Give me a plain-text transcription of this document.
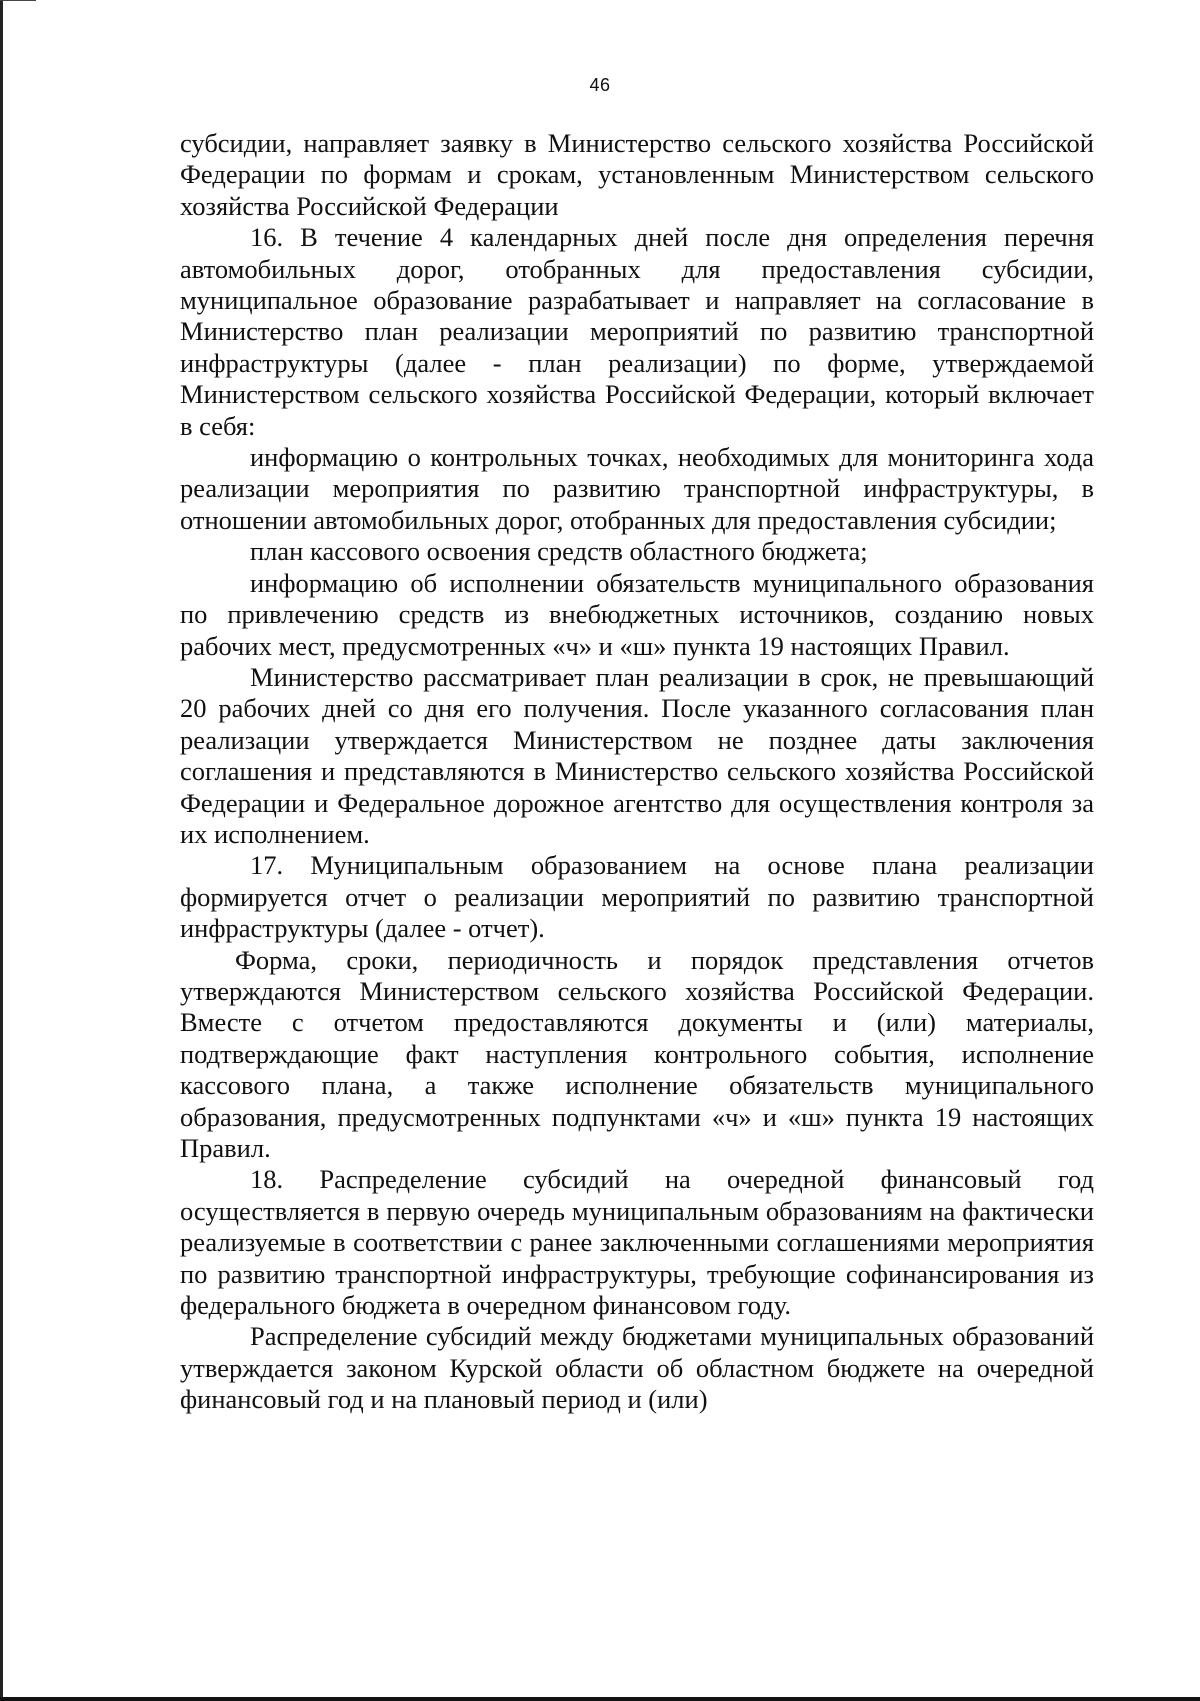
46

субсидии, направляет заявку в Министерство сельского хозяйства Российской Федерации по формам и срокам, установленным Министерством сельского хозяйства Российской Федерации

16. В течение 4 календарных дней после дня определения перечня автомобильных дорог, отобранных для предоставления субсидии, муниципальное образование разрабатывает и направляет на согласование в Министерство план реализации мероприятий по развитию транспортной инфраструктуры (далее - план реализации) по форме, утверждаемой Министерством сельского хозяйства Российской Федерации, который включает в себя:

информацию о контрольных точках, необходимых для мониторинга хода реализации мероприятия по развитию транспортной инфраструктуры, в отношении автомобильных дорог, отобранных для предоставления субсидии;

план кассового освоения средств областного бюджета;

информацию об исполнении обязательств муниципального образования по привлечению средств из внебюджетных источников, созданию новых рабочих мест, предусмотренных «ч» и «ш» пункта 19 настоящих Правил.

Министерство рассматривает план реализации в срок, не превышающий 20 рабочих дней со дня его получения. После указанного согласования план реализации утверждается Министерством не позднее даты заключения соглашения и представляются в Министерство сельского хозяйства Российской Федерации и Федеральное дорожное агентство для осуществления контроля за их исполнением.

17. Муниципальным образованием на основе плана реализации формируется отчет о реализации мероприятий по развитию транспортной инфраструктуры (далее - отчет).

Форма, сроки, периодичность и порядок представления отчетов утверждаются Министерством сельского хозяйства Российской Федерации. Вместе с отчетом предоставляются документы и (или) материалы, подтверждающие факт наступления контрольного события, исполнение кассового плана, а также исполнение обязательств муниципального образования, предусмотренных подпунктами «ч» и «ш» пункта 19 настоящих Правил.

18. Распределение субсидий на очередной финансовый год осуществляется в первую очередь муниципальным образованиям на фактически реализуемые в соответствии с ранее заключенными соглашениями мероприятия по развитию транспортной инфраструктуры, требующие софинансирования из федерального бюджета в очередном финансовом году.

Распределение субсидий между бюджетами муниципальных образований утверждается законом Курской области об областном бюджете на очередной финансовый год и на плановый период и (или)
